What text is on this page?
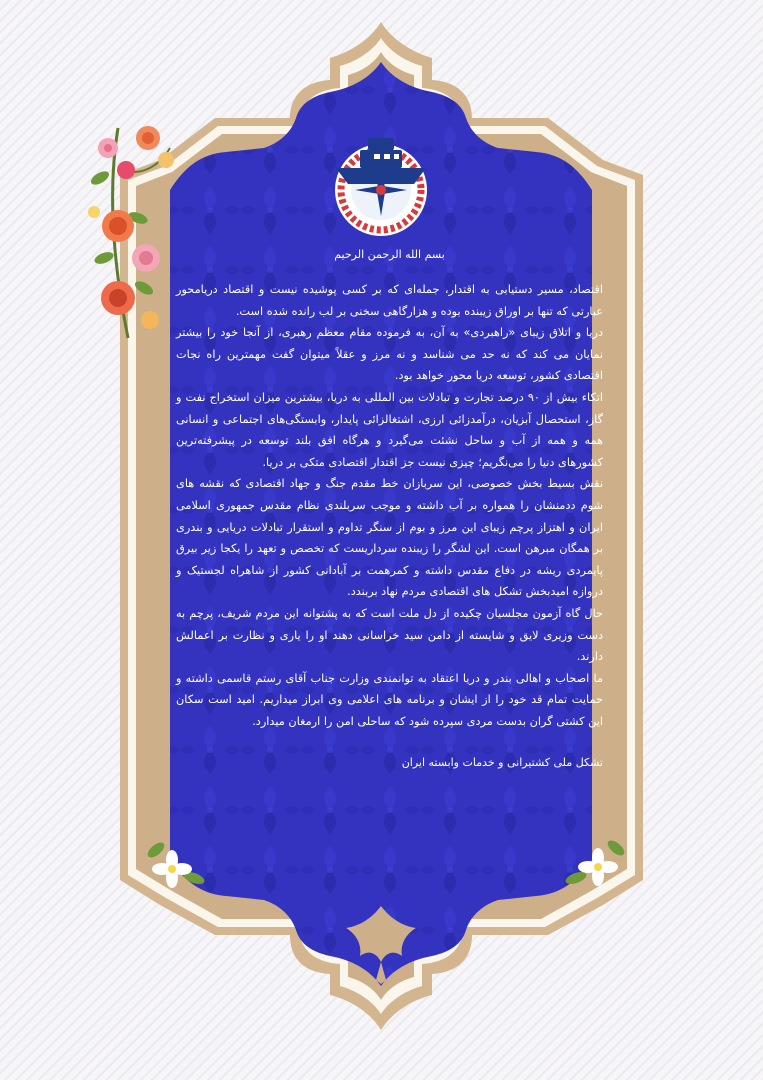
بسم الله الرحمن الرحیم

اقتصاد، مسیر دستیابی به اقتدار، جمله‌ای که بر کسی پوشیده نیست و اقتصاد دریامحور عبارتی که تنها بر اوراق زیبنده بوده و هزارگاهی سخنی بر لب رانده شده است.

دریا و اتلاق زیبای «راهبردی» به آن، به فرموده مقام معظم رهبری، از آنجا خود را بیشتر نمایان می کند که نه حد می شناسد و نه مرز و عقلاً میتوان گفت مهمترین راه نجات اقتصادی کشور، توسعه دریا محور خواهد بود.

اتکاء بیش از ۹۰ درصد تجارت و تبادلات بین المللی به دریا، بیشترین میزان استخراج نفت و گاز، استحصال آبزیان، درآمدزائی ارزی، اشتغالزائی پایدار، وابستگی‌های اجتماعی و انسانی همه و همه از آب و ساحل نشئت می‌گیرد و هرگاه افق بلند توسعه در پیشرفته‌ترین کشورهای دنیا را می‌نگریم؛ چیزی نیست جز اقتدار اقتصادی متکی بر دریا.

نقش بسیط بخش خصوصی، این سربازان خط مقدم جنگ و جهاد اقتصادی که نقشه های شوم ددمنشان را همواره بر آب داشته و موجب سربلندی نظام مقدس جمهوری اسلامی ایران و اهتزاز پرچم زیبای این مرز و بوم از سنگر تداوم و استقرار تبادلات دریایی و بندری بر همگان مبرهن است. این لشگر را زیبنده سرداریست که تخصص و تعهد را یکجا زیر بیرق پایمردی ریشه در دفاع مقدس داشته و کمرهمت بر آبادانی کشور از شاهراه لجستیک و دروازه امیدبخش تشکل های اقتصادی مردم نهاد بربندد.

حال گاه آزمون مجلسیان چکیده از دل ملت است که به پشتوانه این مردم شریف، پرچم به دست وزیری لایق و شایسته از دامن سید خراسانی دهند او را یاری و نظارت بر اعمالش دارند.

ما اصحاب و اهالی بندر و دریا اعتقاد به توانمندی وزارت جناب آقای رستم قاسمی داشته و حمایت تمام قد خود را از ایشان و برنامه های اعلامی وی ابراز میداریم. امید است سکان این کشتی گران بدست مردی سپرده شود که ساحلی امن را ارمغان میدارد.

تشکل ملی کشتیرانی و خدمات وابسته ایران
